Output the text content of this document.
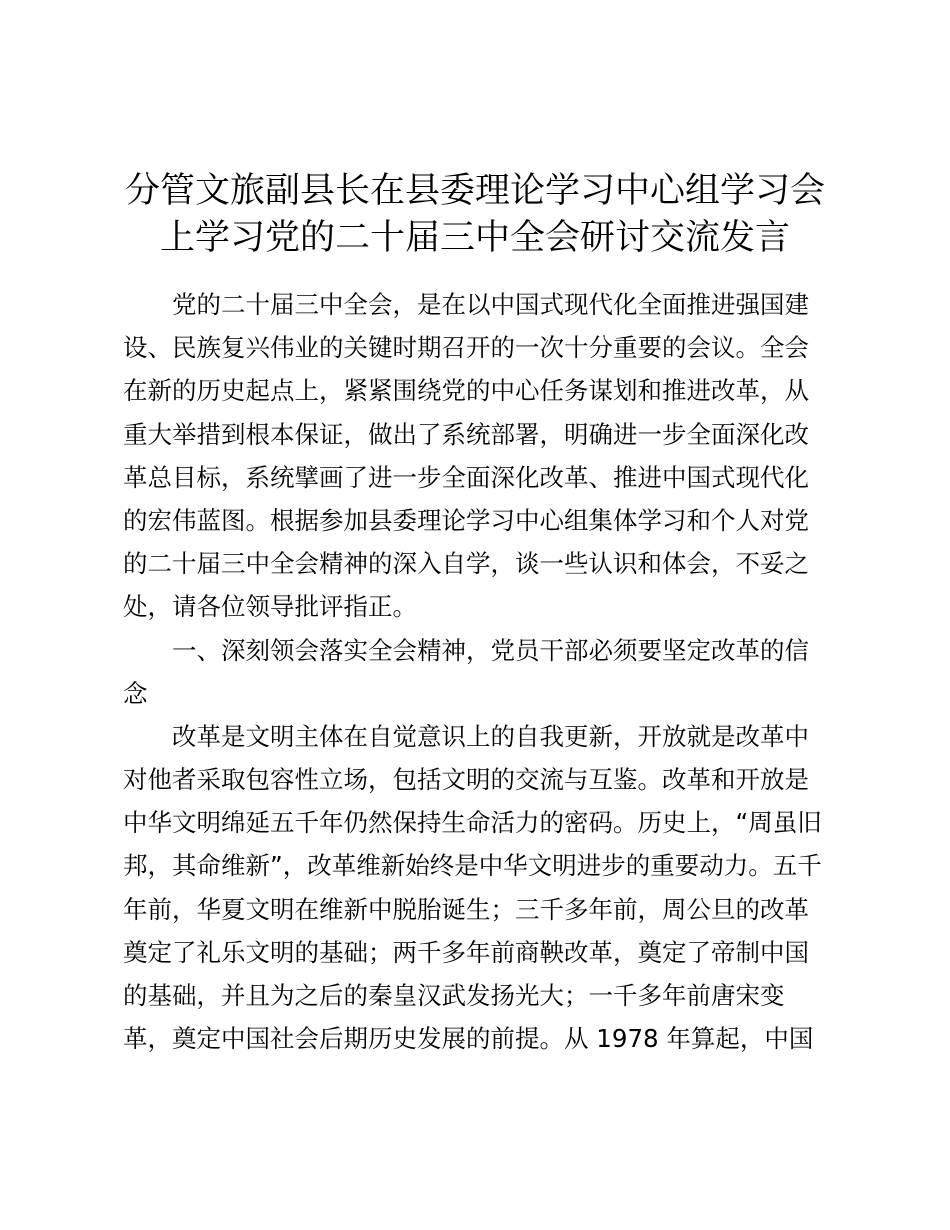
分管文旅副县长在县委理论学习中心组学习会
上学习党的二十届三中全会研讨交流发言
　　党的二十届三中全会，是在以中国式现代化全面推进强国建
设、民族复兴伟业的关键时期召开的一次十分重要的会议。全会
在新的历史起点上，紧紧围绕党的中心任务谋划和推进改革，从
重大举措到根本保证，做出了系统部署，明确进一步全面深化改
革总目标，系统擘画了进一步全面深化改革、推进中国式现代化
的宏伟蓝图。根据参加县委理论学习中心组集体学习和个人对党
的二十届三中全会精神的深入自学，谈一些认识和体会，不妥之
处，请各位领导批评指正。
　　一、深刻领会落实全会精神，党员干部必须要坚定改革的信
念
　　改革是文明主体在自觉意识上的自我更新，开放就是改革中
对他者采取包容性立场，包括文明的交流与互鉴。改革和开放是
中华文明绵延五千年仍然保持生命活力的密码。历史上，“周虽旧
邦，其命维新”，改革维新始终是中华文明进步的重要动力。五千
年前，华夏文明在维新中脱胎诞生；三千多年前，周公旦的改革
奠定了礼乐文明的基础；两千多年前商鞅改革，奠定了帝制中国
的基础，并且为之后的秦皇汉武发扬光大；一千多年前唐宋变
革，奠定中国社会后期历史发展的前提。从 1978 年算起，中国
